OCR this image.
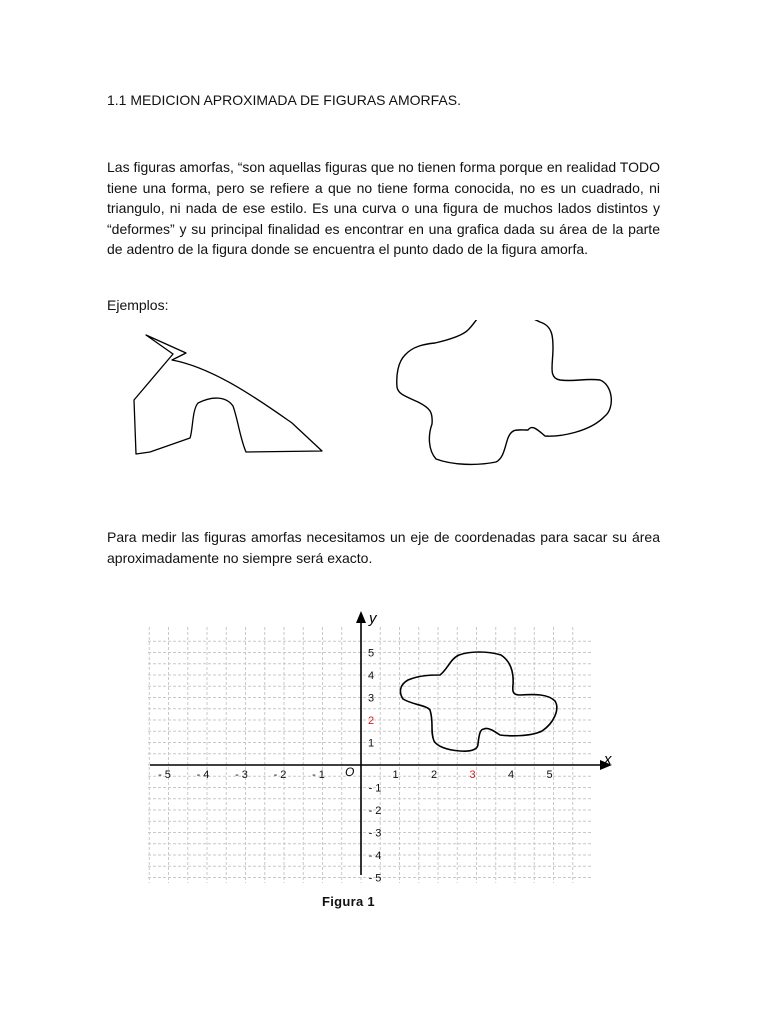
1.1 MEDICION APROXIMADA DE FIGURAS AMORFAS.

Las figuras amorfas, “son aquellas figuras que no tienen forma porque en realidad TODO tiene una forma, pero se refiere a que no tiene forma conocida, no es un cuadrado, ni triangulo, ni nada de ese estilo. Es una curva o una figura de muchos lados distintos y “deformes” y su principal finalidad es encontrar en una grafica dada su área de la parte de adentro de la figura donde se encuentra el punto dado de la figura amorfa.

Ejemplos:

Para medir las figuras amorfas necesitamos un eje de coordenadas para sacar su área aproximadamente no siempre será exacto.

x
y
O
- 5 - 4 - 3 - 2 - 1	1	2	3	4	5
1
2
3
4
5
- 1
- 2
- 3
- 4
- 5
Figura 1
